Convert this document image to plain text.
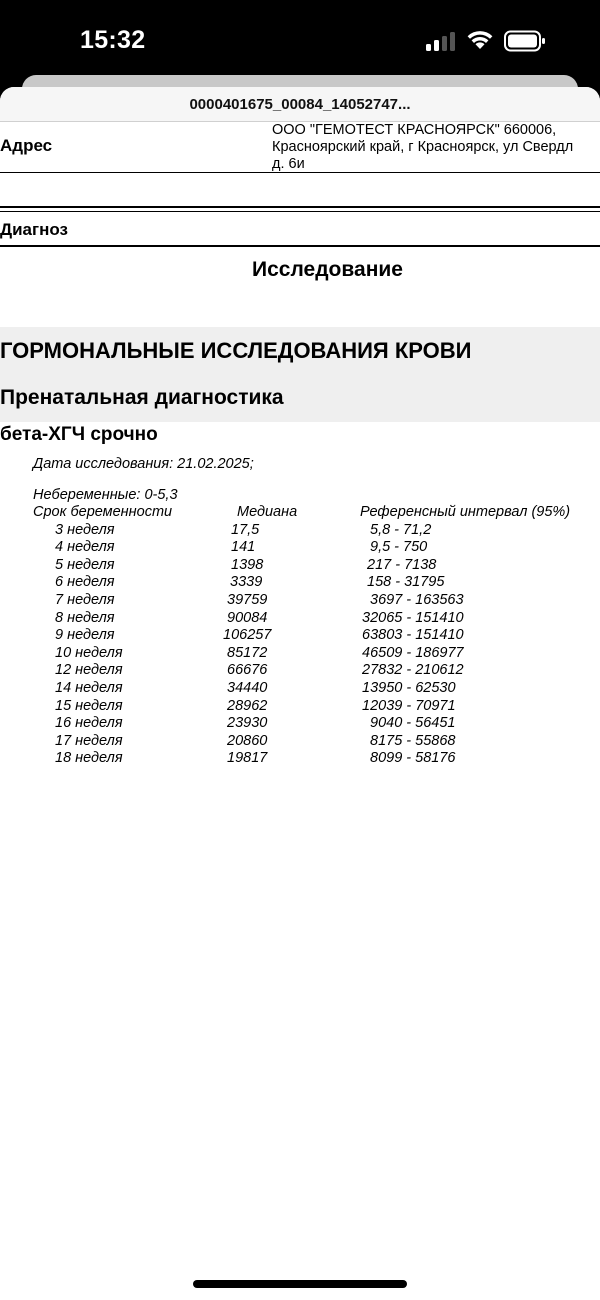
15:32
0000401675_00084_14052747...
Адрес
ООО "ГЕМОТЕСТ КРАСНОЯРСК" 660006,
Красноярский край, г Красноярск, ул Свердл
д. 6и
Диагноз
Исследование
ГОРМОНАЛЬНЫЕ ИССЛЕДОВАНИЯ КРОВИ
Пренатальная диагностика
бета-ХГЧ срочно
Дата исследования: 21.02.2025;
Небеременные: 0-5,3
Срок беременности	Медиана	Референсный интервал (95%)
3 неделя	17,5	5,8 - 71,2
4 неделя	141	9,5 - 750
5 неделя	1398	217 - 7138
6 неделя	3339	158 - 31795
7 неделя	39759	3697 - 163563
8 неделя	90084	32065 - 151410
9 неделя	106257	63803 - 151410
10 неделя	85172	46509 - 186977
12 неделя	66676	27832 - 210612
14 неделя	34440	13950 - 62530
15 неделя	28962	12039 - 70971
16 неделя	23930	9040 - 56451
17 неделя	20860	8175 - 55868
18 неделя	19817	8099 - 58176
